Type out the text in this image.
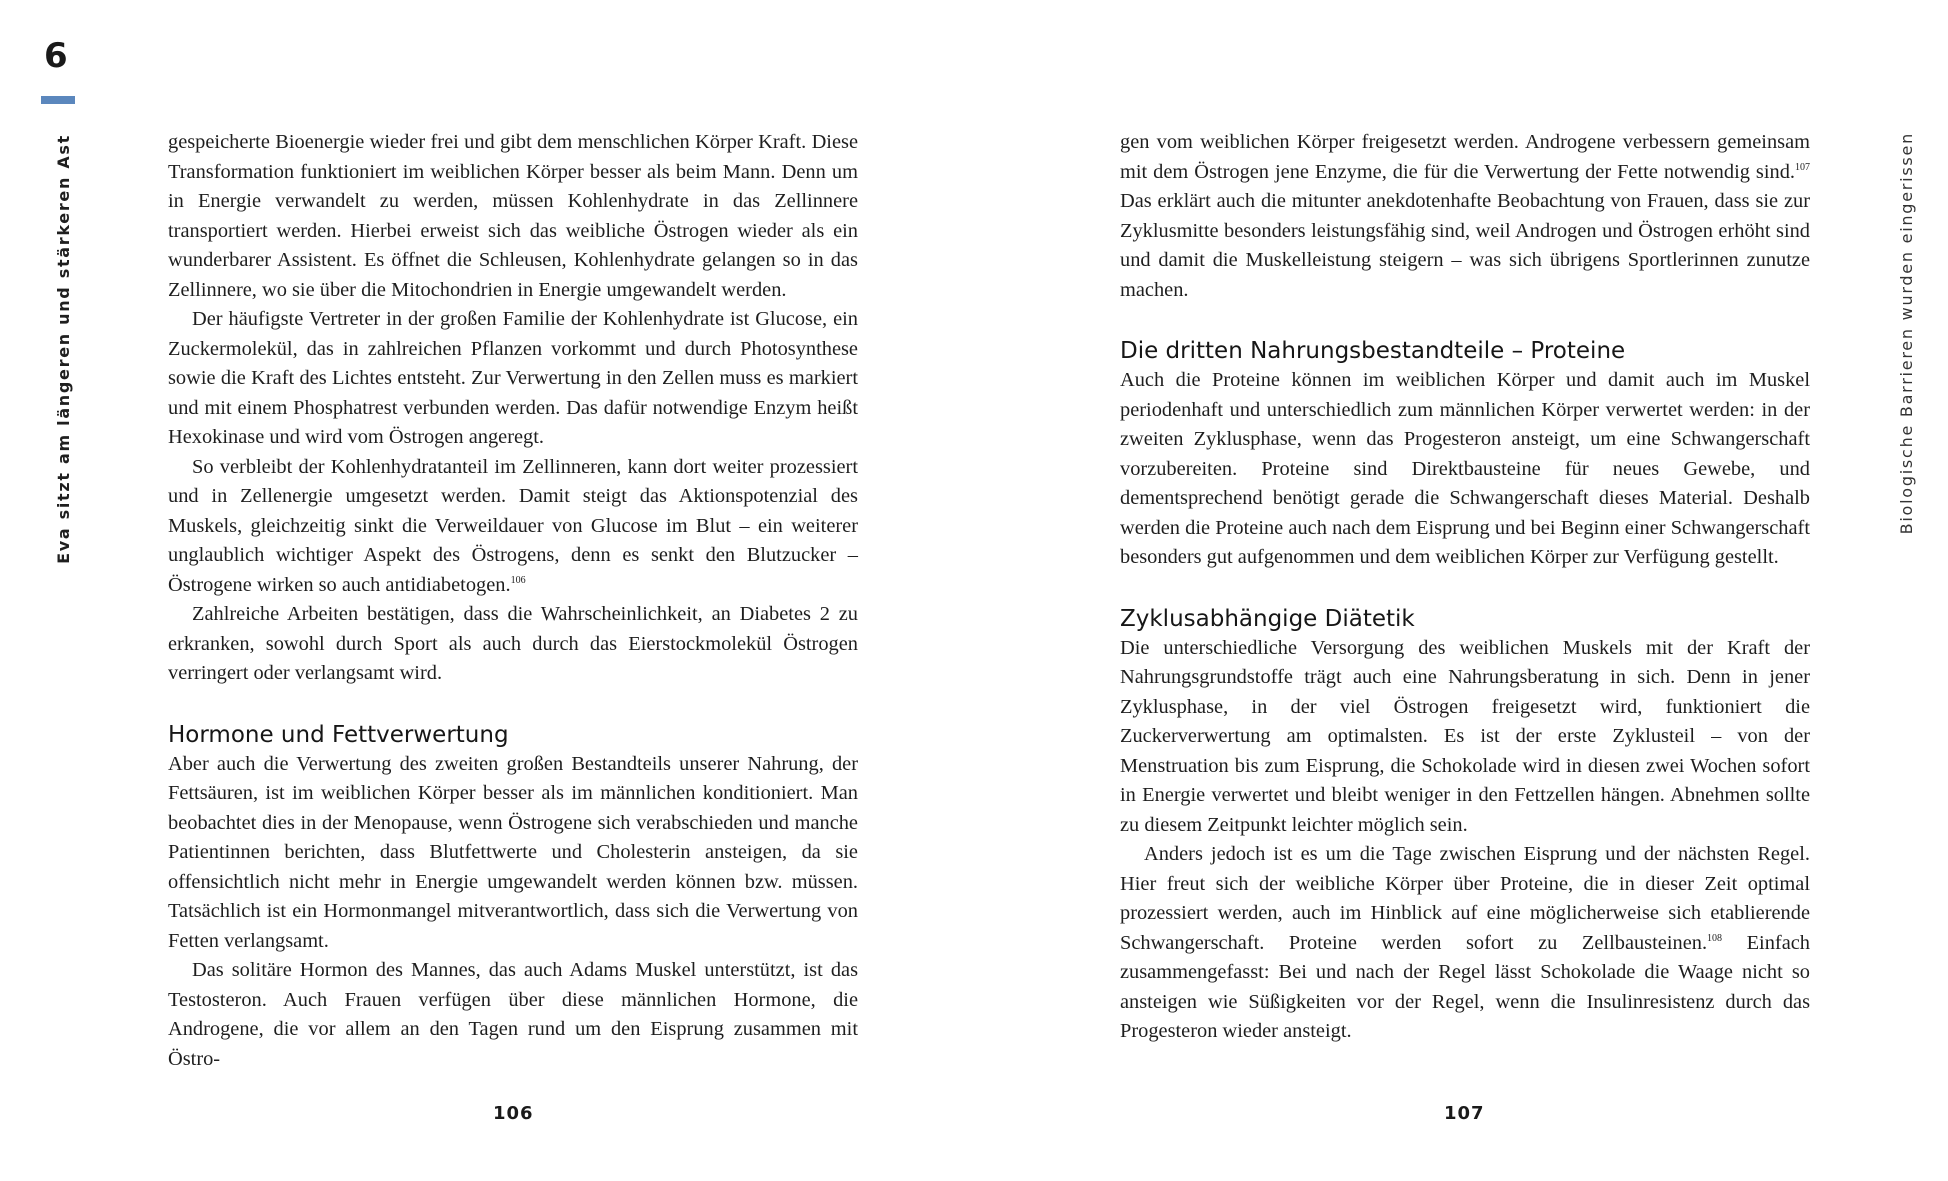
6
Eva sitzt am längeren und stärkeren Ast	Biologische Barrieren wurden eingerissen

gespeicherte Bioenergie wieder frei und gibt dem menschlichen Körper Kraft. Diese Transformation funktioniert im weiblichen Körper besser als beim Mann. Denn um in Energie verwandelt zu werden, müssen Kohlenhydrate in das Zellinnere transportiert werden. Hierbei erweist sich das weibliche Östrogen wieder als ein wunderbarer Assistent. Es öffnet die Schleusen, Kohlenhydrate gelangen so in das Zellinnere, wo sie über die Mitochondrien in Energie umgewandelt werden.

Der häufigste Vertreter in der großen Familie der Kohlenhydrate ist Glucose, ein Zuckermolekül, das in zahlreichen Pflanzen vorkommt und durch Photosynthese sowie die Kraft des Lichtes entsteht. Zur Verwertung in den Zellen muss es markiert und mit einem Phosphatrest verbunden werden. Das dafür notwendige Enzym heißt Hexokinase und wird vom Östrogen angeregt.

So verbleibt der Kohlenhydratanteil im Zellinneren, kann dort weiter prozessiert und in Zellenergie umgesetzt werden. Damit steigt das Aktionspotenzial des Muskels, gleichzeitig sinkt die Verweildauer von Glucose im Blut – ein weiterer unglaublich wichtiger Aspekt des Östrogens, denn es senkt den Blutzucker – Östrogene wirken so auch antidiabetogen.$^{106}$

Zahlreiche Arbeiten bestätigen, dass die Wahrscheinlichkeit, an Diabetes 2 zu erkranken, sowohl durch Sport als auch durch das Eierstockmolekül Östrogen verringert oder verlangsamt wird.

Hormone und Fettverwertung

Aber auch die Verwertung des zweiten großen Bestandteils unserer Nahrung, der Fettsäuren, ist im weiblichen Körper besser als im männlichen konditioniert. Man beobachtet dies in der Menopause, wenn Östrogene sich verabschieden und manche Patientinnen berichten, dass Blutfettwerte und Cholesterin ansteigen, da sie offensichtlich nicht mehr in Energie umgewandelt werden können bzw. müssen. Tatsächlich ist ein Hormonmangel mitverantwortlich, dass sich die Verwertung von Fetten verlangsamt.

Das solitäre Hormon des Mannes, das auch Adams Muskel unterstützt, ist das Testosteron. Auch Frauen verfügen über diese männlichen Hormone, die Androgene, die vor allem an den Tagen rund um den Eisprung zusammen mit Östro-

gen vom weiblichen Körper freigesetzt werden. Androgene verbessern gemeinsam mit dem Östrogen jene Enzyme, die für die Verwertung der Fette notwendig sind.$^{107}$ Das erklärt auch die mitunter anekdotenhafte Beobachtung von Frauen, dass sie zur Zyklusmitte besonders leistungsfähig sind, weil Androgen und Östrogen erhöht sind und damit die Muskelleistung steigern – was sich übrigens Sportlerinnen zunutze machen.

Die dritten Nahrungsbestandteile – Proteine

Auch die Proteine können im weiblichen Körper und damit auch im Muskel periodenhaft und unterschiedlich zum männlichen Körper verwertet werden: in der zweiten Zyklusphase, wenn das Progesteron ansteigt, um eine Schwangerschaft vorzubereiten. Proteine sind Direktbausteine für neues Gewebe, und dementsprechend benötigt gerade die Schwangerschaft dieses Material. Deshalb werden die Proteine auch nach dem Eisprung und bei Beginn einer Schwangerschaft besonders gut aufgenommen und dem weiblichen Körper zur Verfügung gestellt.

Zyklusabhängige Diätetik

Die unterschiedliche Versorgung des weiblichen Muskels mit der Kraft der Nahrungsgrundstoffe trägt auch eine Nahrungsberatung in sich. Denn in jener Zyklusphase, in der viel Östrogen freigesetzt wird, funktioniert die Zuckerverwertung am optimalsten. Es ist der erste Zyklusteil – von der Menstruation bis zum Eisprung, die Schokolade wird in diesen zwei Wochen sofort in Energie verwertet und bleibt weniger in den Fettzellen hängen. Abnehmen sollte zu diesem Zeitpunkt leichter möglich sein.

Anders jedoch ist es um die Tage zwischen Eisprung und der nächsten Regel. Hier freut sich der weibliche Körper über Proteine, die in dieser Zeit optimal prozessiert werden, auch im Hinblick auf eine möglicherweise sich etablierende Schwangerschaft. Proteine werden sofort zu Zellbausteinen.$^{108}$ Einfach zusammengefasst: Bei und nach der Regel lässt Schokolade die Waage nicht so ansteigen wie Süßigkeiten vor der Regel, wenn die Insulinresistenz durch das Progesteron wieder ansteigt.

106	107
